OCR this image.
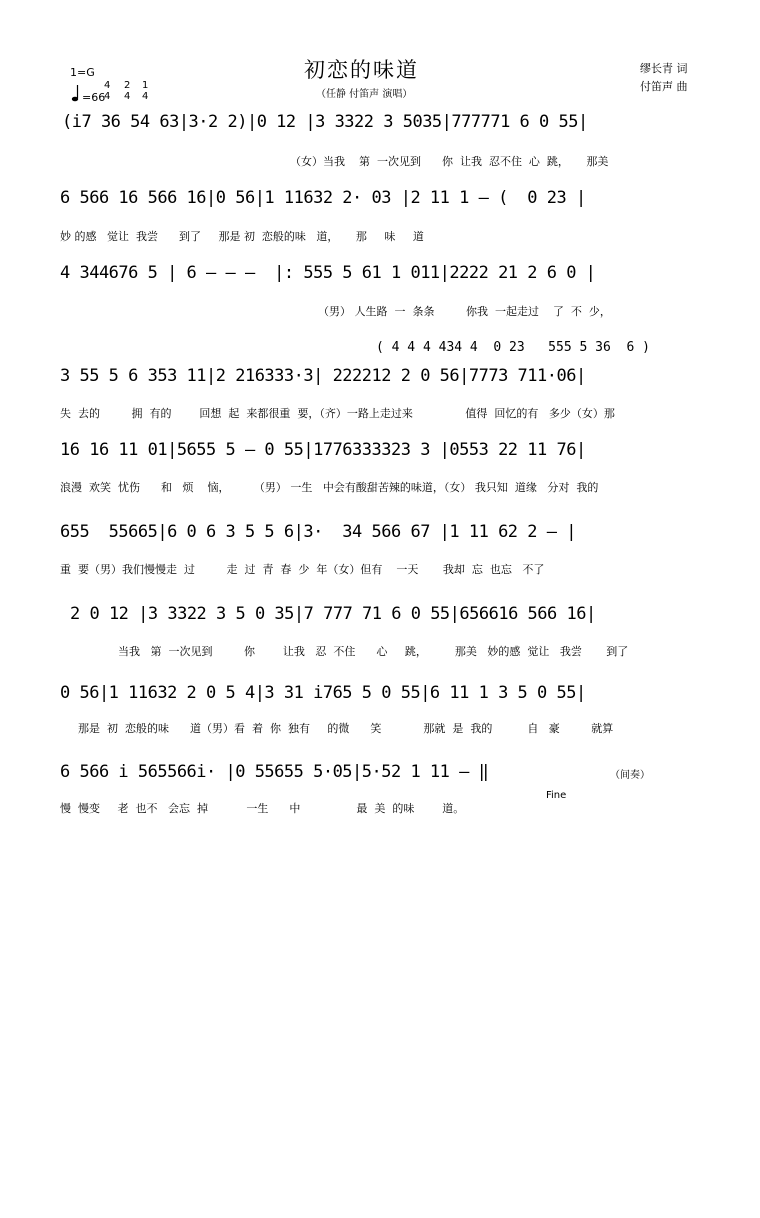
初恋的味道
（任静 付笛声 演唱）
缪长青 词
付笛声 曲
1=G

4
4

2
4

1
4

=66
(i7 36 54 63|3·2 2)|0 12 |3 3322 3 5035|777771 6 0 55|
（女）当我    第  一次见到      你  让我  忍不住  心  跳，     那美
6 566 16 566 16|0 56|1 11632 2· 03 |2 11 1 – (  0 23 |
妙 的感   觉让  我尝      到了     那是 初  恋般的味   道，     那     味     道
4 344676 5 | 6 – – –  |: 555 5 61 1 011|2222 21 2 6 0 |
（男） 人生路  一  条条         你我  一起走过    了  不  少，
( 4 4 4 434 4  0 23   555 5 36  6 )
3 55 5 6 353 11|2 216333·3| 222212 2 0 56|7773 711·06|
失  去的         拥  有的        回想  起  来都很重  要，（齐）一路上走过来               值得  回忆的有   多少（女）那
16 16 11 01|5655 5 – 0 55|1776333323 3 |0553 22 11 76|
浪漫  欢笑  忧伤      和   烦    恼，       （男） 一生   中会有酸甜苦辣的味道，（女） 我只知  道缘   分对  我的
655  55665|6 0 6 3 5 5 6|3·  34 566 67 |1 11 62 2 – |
重  要（男）我们慢慢走  过         走  过  青  春  少  年（女）但有    一天       我却  忘  也忘   不了
2 0 12 |3 3322 3 5 0 35|7 777 71 6 0 55|656616 566 16|
当我   第  一次见到         你        让我   忍  不住      心     跳，        那美   妙的感  觉让   我尝       到了
0 56|1 11632 2 0 5 4|3 31 i765 5 0 55|6 11 1 3 5 0 55|
那是  初  恋般的味      道（男）看  着  你  独有     的微      笑            那就  是  我的          自   豪         就算
6 566 i 565566i· |0 55655 5·05|5·52 1 11 – ‖
慢  慢变     老  也不   会忘  掉           一生      中                最  美  的味        道。
（间奏）
Fine
